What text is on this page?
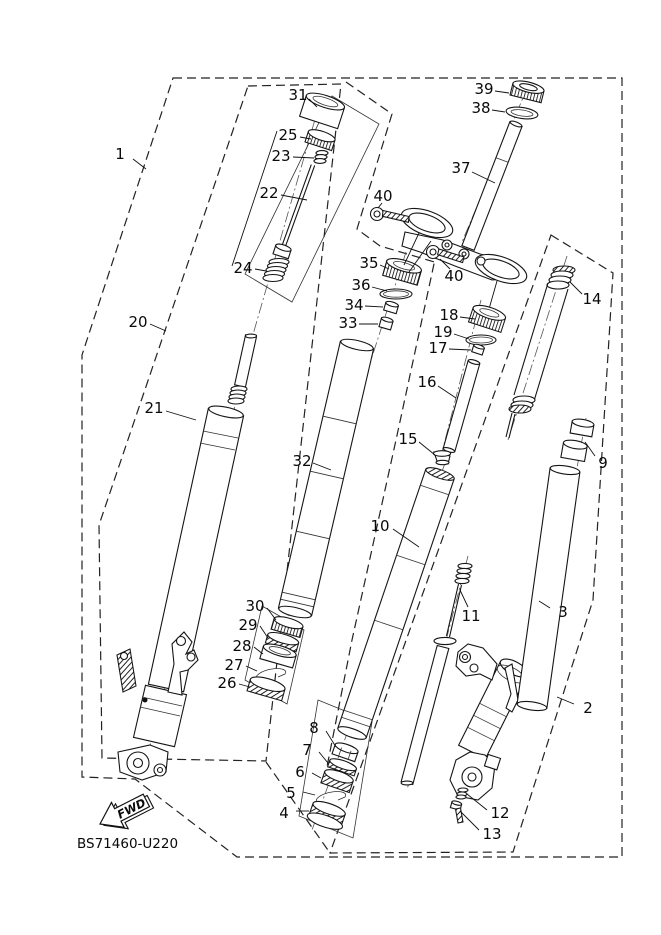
1
2
3
4
5
6
7
8
9
10
11
12
13
14
15
16
17
18
19
20
21
22
23
24
25
26
27
28
29
30
31
32
33
34
35
36
37
38
39
40
40
FWD
BS71460-U220
